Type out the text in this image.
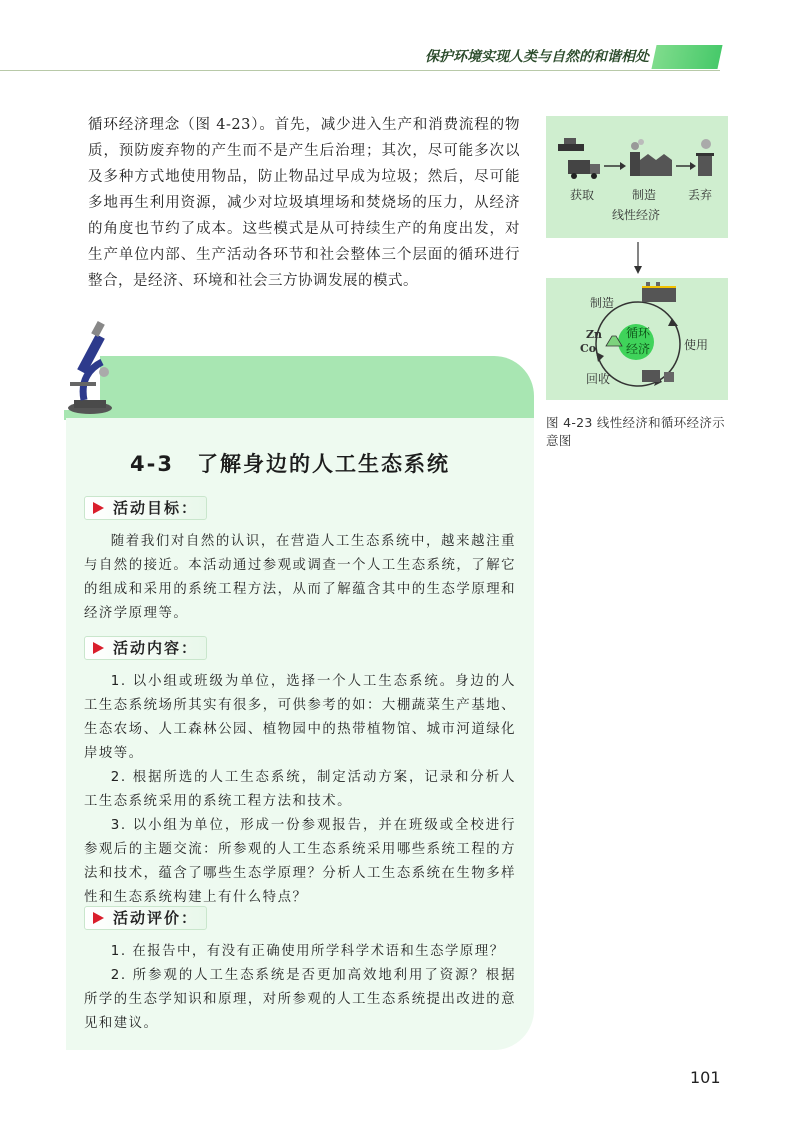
保护环境实现人类与自然的和谐相处

循环经济理念（图 4-23）。首先，减少进入生产和消费流程的物质，预防废弃物的产生而不是产生后治理；其次，尽可能多次以及多种方式地使用物品，防止物品过早成为垃圾；然后，尽可能多地再生利用资源，减少对垃圾填埋场和焚烧场的压力，从经济的角度也节约了成本。这些模式是从可持续生产的角度出发，对生产单位内部、生产活动各环节和社会整体三个层面的循环进行整合，是经济、环境和社会三方协调发展的模式。

获取	制造	丢弃
线性经济
制造
使用
回收
循环
经济
Zn
Co

图 4-23 线性经济和循环经济示意图

4-3　了解身边的人工生态系统
活动目标：

随着我们对自然的认识，在营造人工生态系统中，越来越注重与自然的接近。本活动通过参观或调查一个人工生态系统，了解它的组成和采用的系统工程方法，从而了解蕴含其中的生态学原理和经济学原理等。

活动内容：

1. 以小组或班级为单位，选择一个人工生态系统。身边的人工生态系统场所其实有很多，可供参考的如：大棚蔬菜生产基地、生态农场、人工森林公园、植物园中的热带植物馆、城市河道绿化岸坡等。

2. 根据所选的人工生态系统，制定活动方案，记录和分析人工生态系统采用的系统工程方法和技术。

3. 以小组为单位，形成一份参观报告，并在班级或全校进行参观后的主题交流：所参观的人工生态系统采用哪些系统工程的方法和技术，蕴含了哪些生态学原理？分析人工生态系统在生物多样性和生态系统构建上有什么特点？

活动评价：

1. 在报告中，有没有正确使用所学科学术语和生态学原理？

2. 所参观的人工生态系统是否更加高效地利用了资源？根据所学的生态学知识和原理，对所参观的人工生态系统提出改进的意见和建议。

101
